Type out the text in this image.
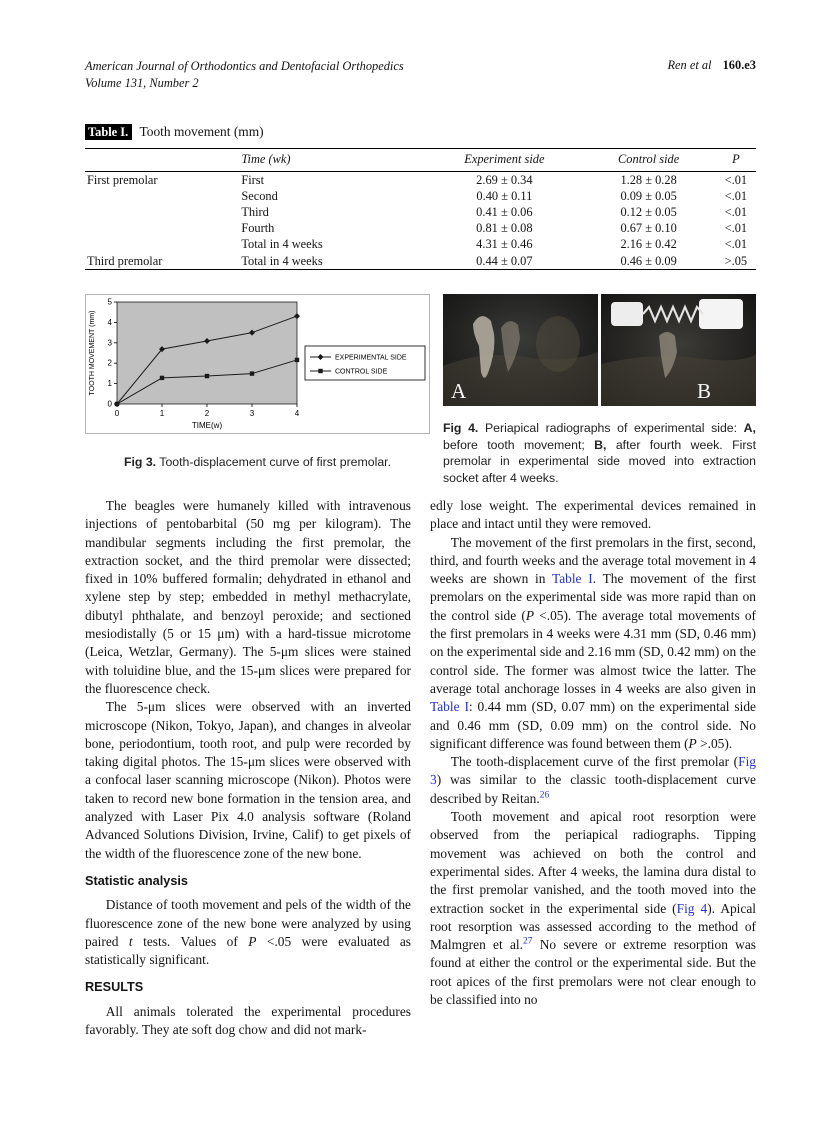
American Journal of Orthodontics and Dentofacial Orthopedics
Volume 131, Number 2
Ren et al 160.e3
Table I. Tooth movement (mm)
	Time (wk)	Experiment side	Control side	P
First premolar	First	2.69 ± 0.34	1.28 ± 0.28	<.01
	Second	0.40 ± 0.11	0.09 ± 0.05	<.01
	Third	0.41 ± 0.06	0.12 ± 0.05	<.01
	Fourth	0.81 ± 0.08	0.67 ± 0.10	<.01
	Total in 4 weeks	4.31 ± 0.46	2.16 ± 0.42	<.01
Third premolar	Total in 4 weeks	0.44 ± 0.07	0.46 ± 0.09	>.05
0
1
2
3
4
5
0	1	2	3	4
TOOTH MOVEMENT (mm)
TIME(w)
EXPERIMENTAL SIDE
CONTROL SIDE
Fig 3. Tooth-displacement curve of first premolar.
A	B
Fig 4. Periapical radiographs of experimental side: A, before tooth movement; B, after fourth week. First premolar in experimental side moved into extraction socket after 4 weeks.

The beagles were humanely killed with intravenous injections of pentobarbital (50 mg per kilogram). The mandibular segments including the first premolar, the extraction socket, and the third premolar were dissected; fixed in 10% buffered formalin; dehydrated in ethanol and xylene step by step; embedded in methyl methacrylate, dibutyl phthalate, and benzoyl peroxide; and sectioned mesiodistally (5 or 15 μm) with a hard-tissue microtome (Leica, Wetzlar, Germany). The 5-μm slices were stained with toluidine blue, and the 15-μm slices were prepared for the fluorescence check.

The 5-μm slices were observed with an inverted microscope (Nikon, Tokyo, Japan), and changes in alveolar bone, periodontium, tooth root, and pulp were recorded by taking digital photos. The 15-μm slices were observed with a confocal laser scanning microscope (Nikon). Photos were taken to record new bone formation in the tension area, and analyzed with Laser Pix 4.0 analysis software (Roland Advanced Solutions Division, Irvine, Calif) to get pixels of the width of the fluorescence zone of the new bone.

Statistic analysis

Distance of tooth movement and pels of the width of the fluorescence zone of the new bone were analyzed by using paired t tests. Values of P <.05 were evaluated as statistically significant.

RESULTS

All animals tolerated the experimental procedures favorably. They ate soft dog chow and did not mark-

edly lose weight. The experimental devices remained in place and intact until they were removed.

The movement of the first premolars in the first, second, third, and fourth weeks and the average total movement in 4 weeks are shown in Table I. The movement of the first premolars on the experimental side was more rapid than on the control side (P <.05). The average total movements of the first premolars in 4 weeks were 4.31 mm (SD, 0.46 mm) on the experimental side and 2.16 mm (SD, 0.42 mm) on the control side. The former was almost twice the latter. The average total anchorage losses in 4 weeks are also given in Table I: 0.44 mm (SD, 0.07 mm) on the experimental side and 0.46 mm (SD, 0.09 mm) on the control side. No significant difference was found between them (P >.05).

The tooth-displacement curve of the first premolar (Fig 3) was similar to the classic tooth-displacement curve described by Reitan.$^{26}$

Tooth movement and apical root resorption were observed from the periapical radiographs. Tipping movement was achieved on both the control and experimental sides. After 4 weeks, the lamina dura distal to the first premolar vanished, and the tooth moved into the extraction socket in the experimental side (Fig 4). Apical root resorption was assessed according to the method of Malmgren et al.$^{27}$ No severe or extreme resorption was found at either the control or the experimental side. But the root apices of the first premolars were not clear enough to be classified into no
